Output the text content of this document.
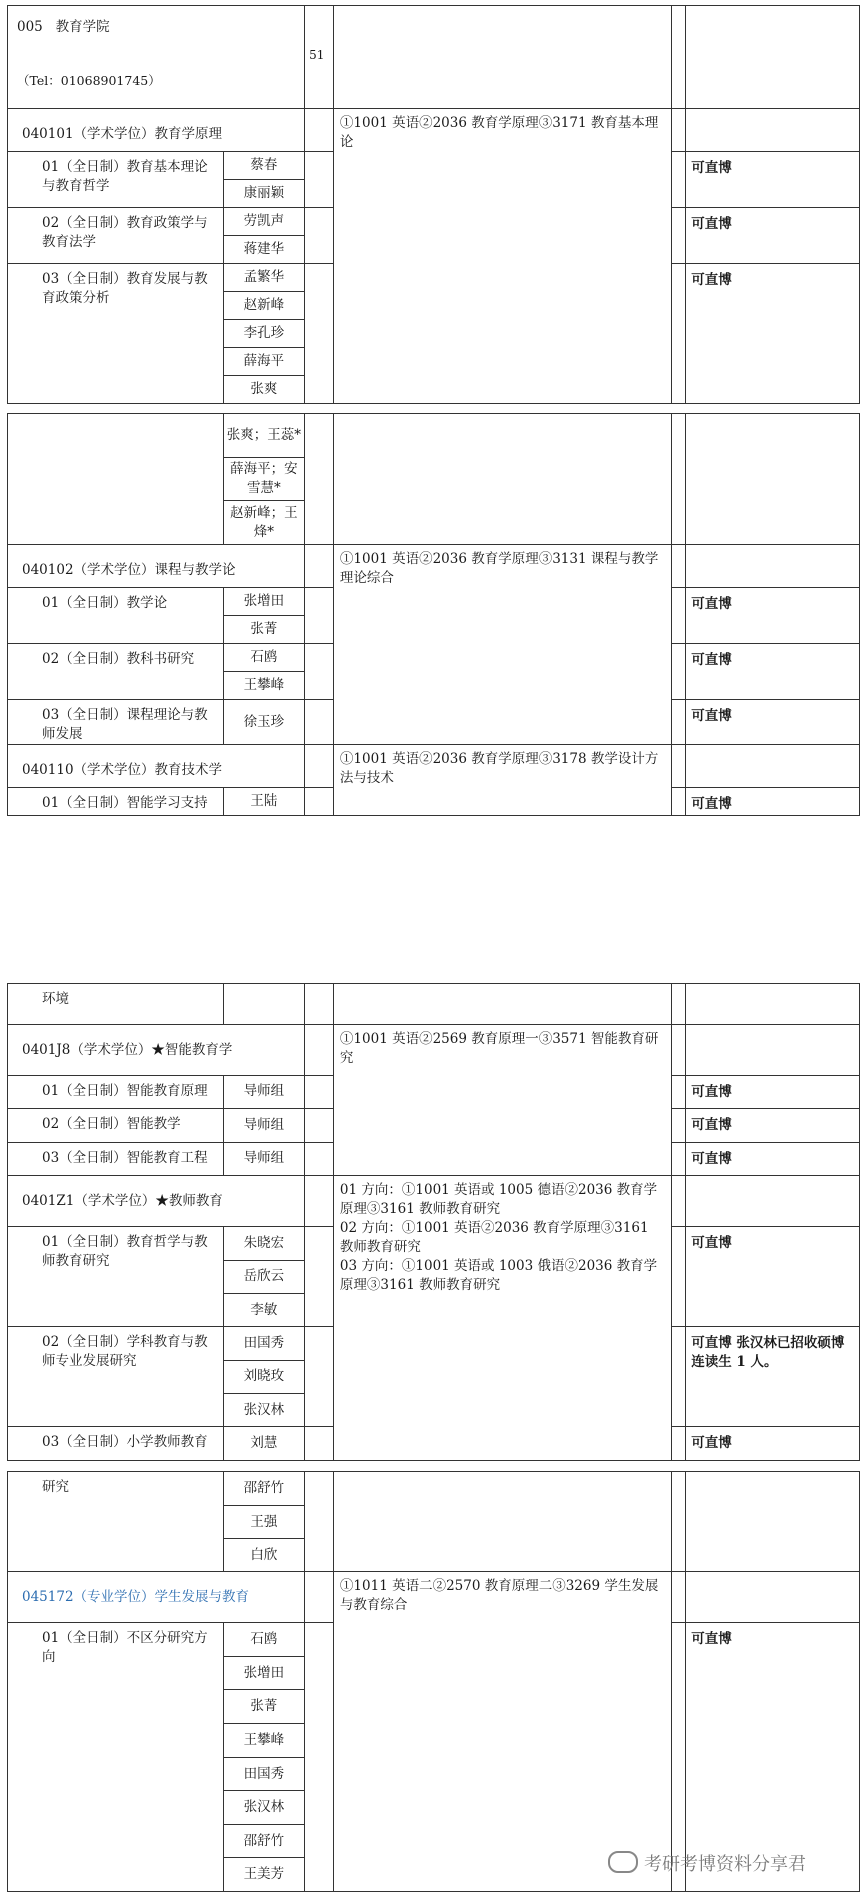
005 教育学院
（Tel：01068901745）		51			
040101（学术学位）教育学原理			①1001 英语②2036 教育学原理③3171 教育基本理论		
01（全日制）教育基本理论与教育哲学	蔡春				可直博
	康丽颖				
02（全日制）教育政策学与教育法学	劳凯声				可直博
	蒋建华				
03（全日制）教育发展与教育政策分析	孟繁华				可直博
	赵新峰				
	李孔珍				
	薛海平				
	张爽				
	张爽；王蕊*				
	薛海平；安雪慧*				
	赵新峰；王烽*				
040102（学术学位）课程与教学论			①1001 英语②2036 教育学原理③3131 课程与教学理论综合		
01（全日制）教学论	张增田				可直博
	张菁				
02（全日制）教科书研究	石鸥				可直博
	王攀峰				
03（全日制）课程理论与教师发展	徐玉珍				可直博
040110（学术学位）教育技术学			①1001 英语②2036 教育学原理③3178 教学设计方法与技术		
01（全日制）智能学习支持	王陆				可直博
环境					
0401J8（学术学位）★智能教育学			①1001 英语②2569 教育原理一③3571 智能教育研究		
01（全日制）智能教育原理	导师组				可直博
02（全日制）智能教学	导师组				可直博
03（全日制）智能教育工程	导师组				可直博
0401Z1（学术学位）★教师教育			01 方向：①1001 英语或 1005 德语②2036 教育学原理③3161 教师教育研究
02 方向：①1001 英语②2036 教育学原理③3161 教师教育研究
03 方向：①1001 英语或 1003 俄语②2036 教育学原理③3161 教师教育研究		

01（全日制）教育哲学与教师教育研究	朱晓宏				可直博
	岳欣云				
	李敏				
02（全日制）学科教育与教师专业发展研究	田国秀				可直博 张汉林已招收硕博连读生 1 人。
	刘晓玫				
	张汉林				
03（全日制）小学教师教育	刘慧				可直博
研究	邵舒竹				
	王强				
	白欣				
045172（专业学位）学生发展与教育			①1011 英语二②2570 教育原理二③3269 学生发展与教育综合		
01（全日制）不区分研究方向	石鸥				可直博
	张增田				
	张菁				
	王攀峰				
	田国秀				
	张汉林				
	邵舒竹				
	王美芳					考研考博资料分享君
